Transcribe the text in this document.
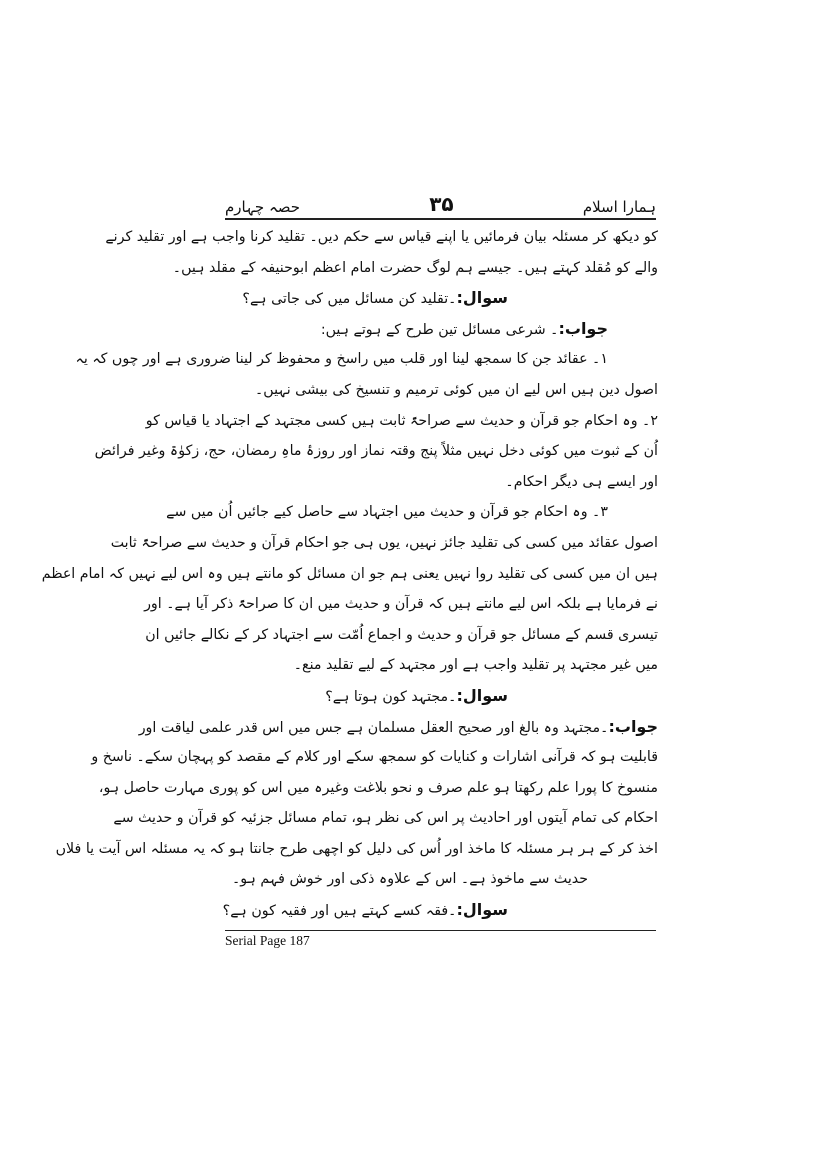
ہمارا اسلام
۳۵
حصہ چہارم
کو دیکھ کر مسئلہ بیان فرمائیں یا اپنے قیاس سے حکم دیں۔ تقلید کرنا واجب ہے اور تقلید کرنے
والے کو مُقلد کہتے ہیں۔ جیسے ہم لوگ حضرت امام اعظم ابوحنیفہ کے مقلد ہیں۔
سوال:۔تقلید کن مسائل میں کی جاتی ہے؟
جواب:۔ شرعی مسائل تین طرح کے ہوتے ہیں:
۱۔ عقائد جن کا سمجھ لینا اور قلب میں راسخ و محفوظ کر لینا ضروری ہے اور چوں کہ یہ
اصول دین ہیں اس لیے ان میں کوئی ترمیم و تنسیخ کی بیشی نہیں۔
۲۔ وہ احکام جو قرآن و حدیث سے صراحۃً ثابت ہیں کسی مجتہد کے اجتہاد یا قیاس کو
اُن کے ثبوت میں کوئی دخل نہیں مثلاً پنج وقتہ نماز اور روزۂ ماہِ رمضان، حج، زکوٰۃ وغیر فرائض
اور ایسے ہی دیگر احکام۔
۳۔ وہ احکام جو قرآن و حدیث میں اجتہاد سے حاصل کیے جائیں اُن میں سے
اصول عقائد میں کسی کی تقلید جائز نہیں، یوں ہی جو احکام قرآن و حدیث سے صراحۃً ثابت
ہیں ان میں کسی کی تقلید روا نہیں یعنی ہم جو ان مسائل کو مانتے ہیں وہ اس لیے نہیں کہ امام اعظم
نے فرمایا ہے بلکہ اس لیے مانتے ہیں کہ قرآن و حدیث میں ان کا صراحۃً ذکر آیا ہے۔ اور
تیسری قسم کے مسائل جو قرآن و حدیث و اجماع اُمّت سے اجتہاد کر کے نکالے جائیں ان
میں غیر مجتہد پر تقلید واجب ہے اور مجتہد کے لیے تقلید منع۔
سوال:۔مجتہد کون ہوتا ہے؟
جواب:۔مجتہد وہ بالغ اور صحیح العقل مسلمان ہے جس میں اس قدر علمی لیاقت اور
قابلیت ہو کہ قرآنی اشارات و کنایات کو سمجھ سکے اور کلام کے مقصد کو پہچان سکے۔ ناسخ و
منسوخ کا پورا علم رکھتا ہو علم صرف و نحو بلاغت وغیرہ میں اس کو پوری مہارت حاصل ہو،
احکام کی تمام آیتوں اور احادیث پر اس کی نظر ہو، تمام مسائل جزئیہ کو قرآن و حدیث سے
اخذ کر کے ہر ہر مسئلہ کا ماخذ اور اُس کی دلیل کو اچھی طرح جانتا ہو کہ یہ مسئلہ اس آیت یا فلاں
حدیث سے ماخوذ ہے۔ اس کے علاوہ ذکی اور خوش فہم ہو۔
سوال:۔فقہ کسے کہتے ہیں اور فقیہ کون ہے؟
Serial Page 187
